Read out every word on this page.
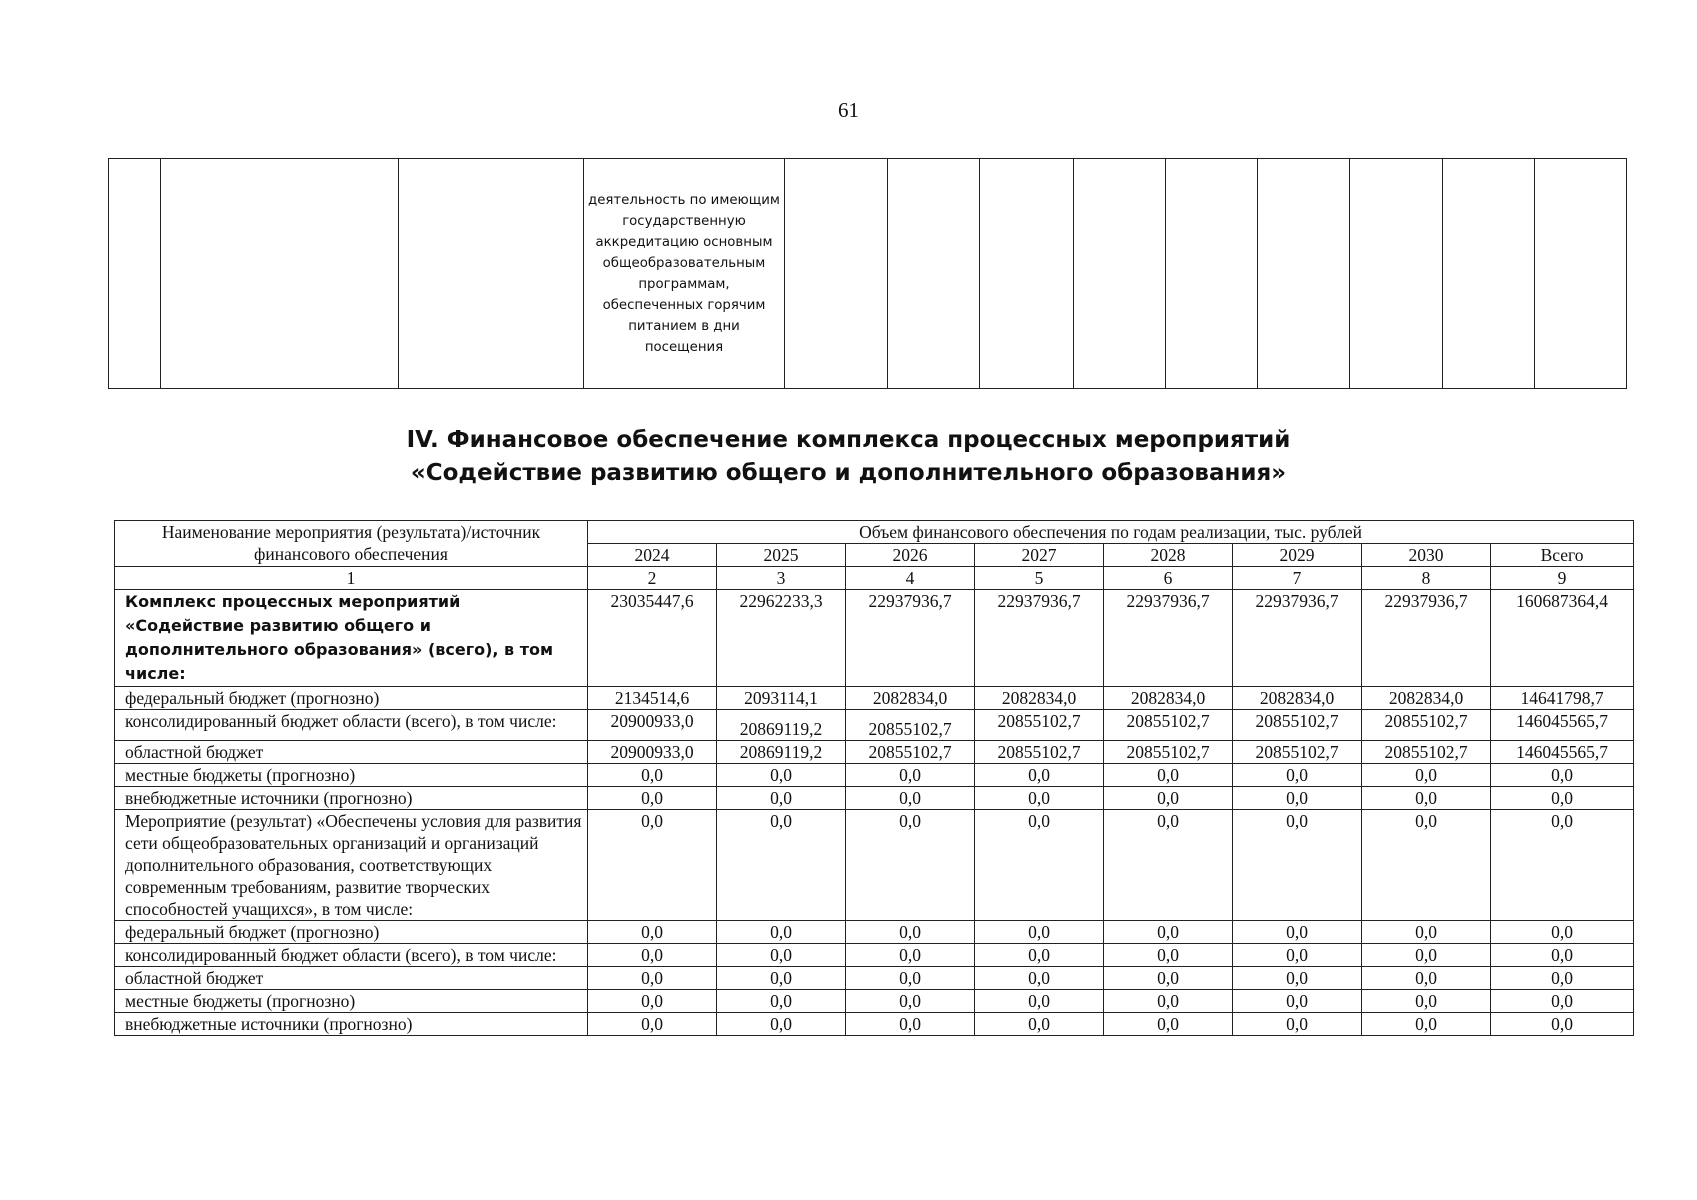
61

деятельность по имеющим государственную аккредитацию основным общеобразовательным программам, обеспеченных горячим питанием в дни посещения

IV. Финансовое обеспечение комплекса процессных мероприятий
«Содействие развитию общего и дополнительного образования»
Наименование мероприятия (результата)/источник финансового обеспечения	Объем финансового обеспечения по годам реализации, тыс. рублей							
	2024	2025	2026	2027	2028	2029	2030	Всего
1	2	3	4	5	6	7	8	9
Комплекс процессных мероприятий «Содействие развитию общего и дополнительного образования» (всего), в том числе:	23035447,6	22962233,3	22937936,7	22937936,7	22937936,7	22937936,7	22937936,7	160687364,4
федеральный бюджет (прогнозно)	2134514,6	2093114,1	2082834,0	2082834,0	2082834,0	2082834,0	2082834,0	14641798,7
консолидированный бюджет области (всего), в том числе:	20900933,0	20869119,2	20855102,7	20855102,7	20855102,7	20855102,7	20855102,7	146045565,7
областной бюджет	20900933,0	20869119,2	20855102,7	20855102,7	20855102,7	20855102,7	20855102,7	146045565,7
местные бюджеты (прогнозно)	0,0	0,0	0,0	0,0	0,0	0,0	0,0	0,0
внебюджетные источники (прогнозно)	0,0	0,0	0,0	0,0	0,0	0,0	0,0	0,0
Мероприятие (результат) «Обеспечены условия для развития сети общеобразовательных организаций и организаций дополнительного образования, соответствующих современным требованиям, развитие творческих способностей учащихся», в том числе:	0,0	0,0	0,0	0,0	0,0	0,0	0,0	0,0
федеральный бюджет (прогнозно)	0,0	0,0	0,0	0,0	0,0	0,0	0,0	0,0
консолидированный бюджет области (всего), в том числе:	0,0	0,0	0,0	0,0	0,0	0,0	0,0	0,0
областной бюджет	0,0	0,0	0,0	0,0	0,0	0,0	0,0	0,0
местные бюджеты (прогнозно)	0,0	0,0	0,0	0,0	0,0	0,0	0,0	0,0
внебюджетные источники (прогнозно)	0,0	0,0	0,0	0,0	0,0	0,0	0,0	0,0
